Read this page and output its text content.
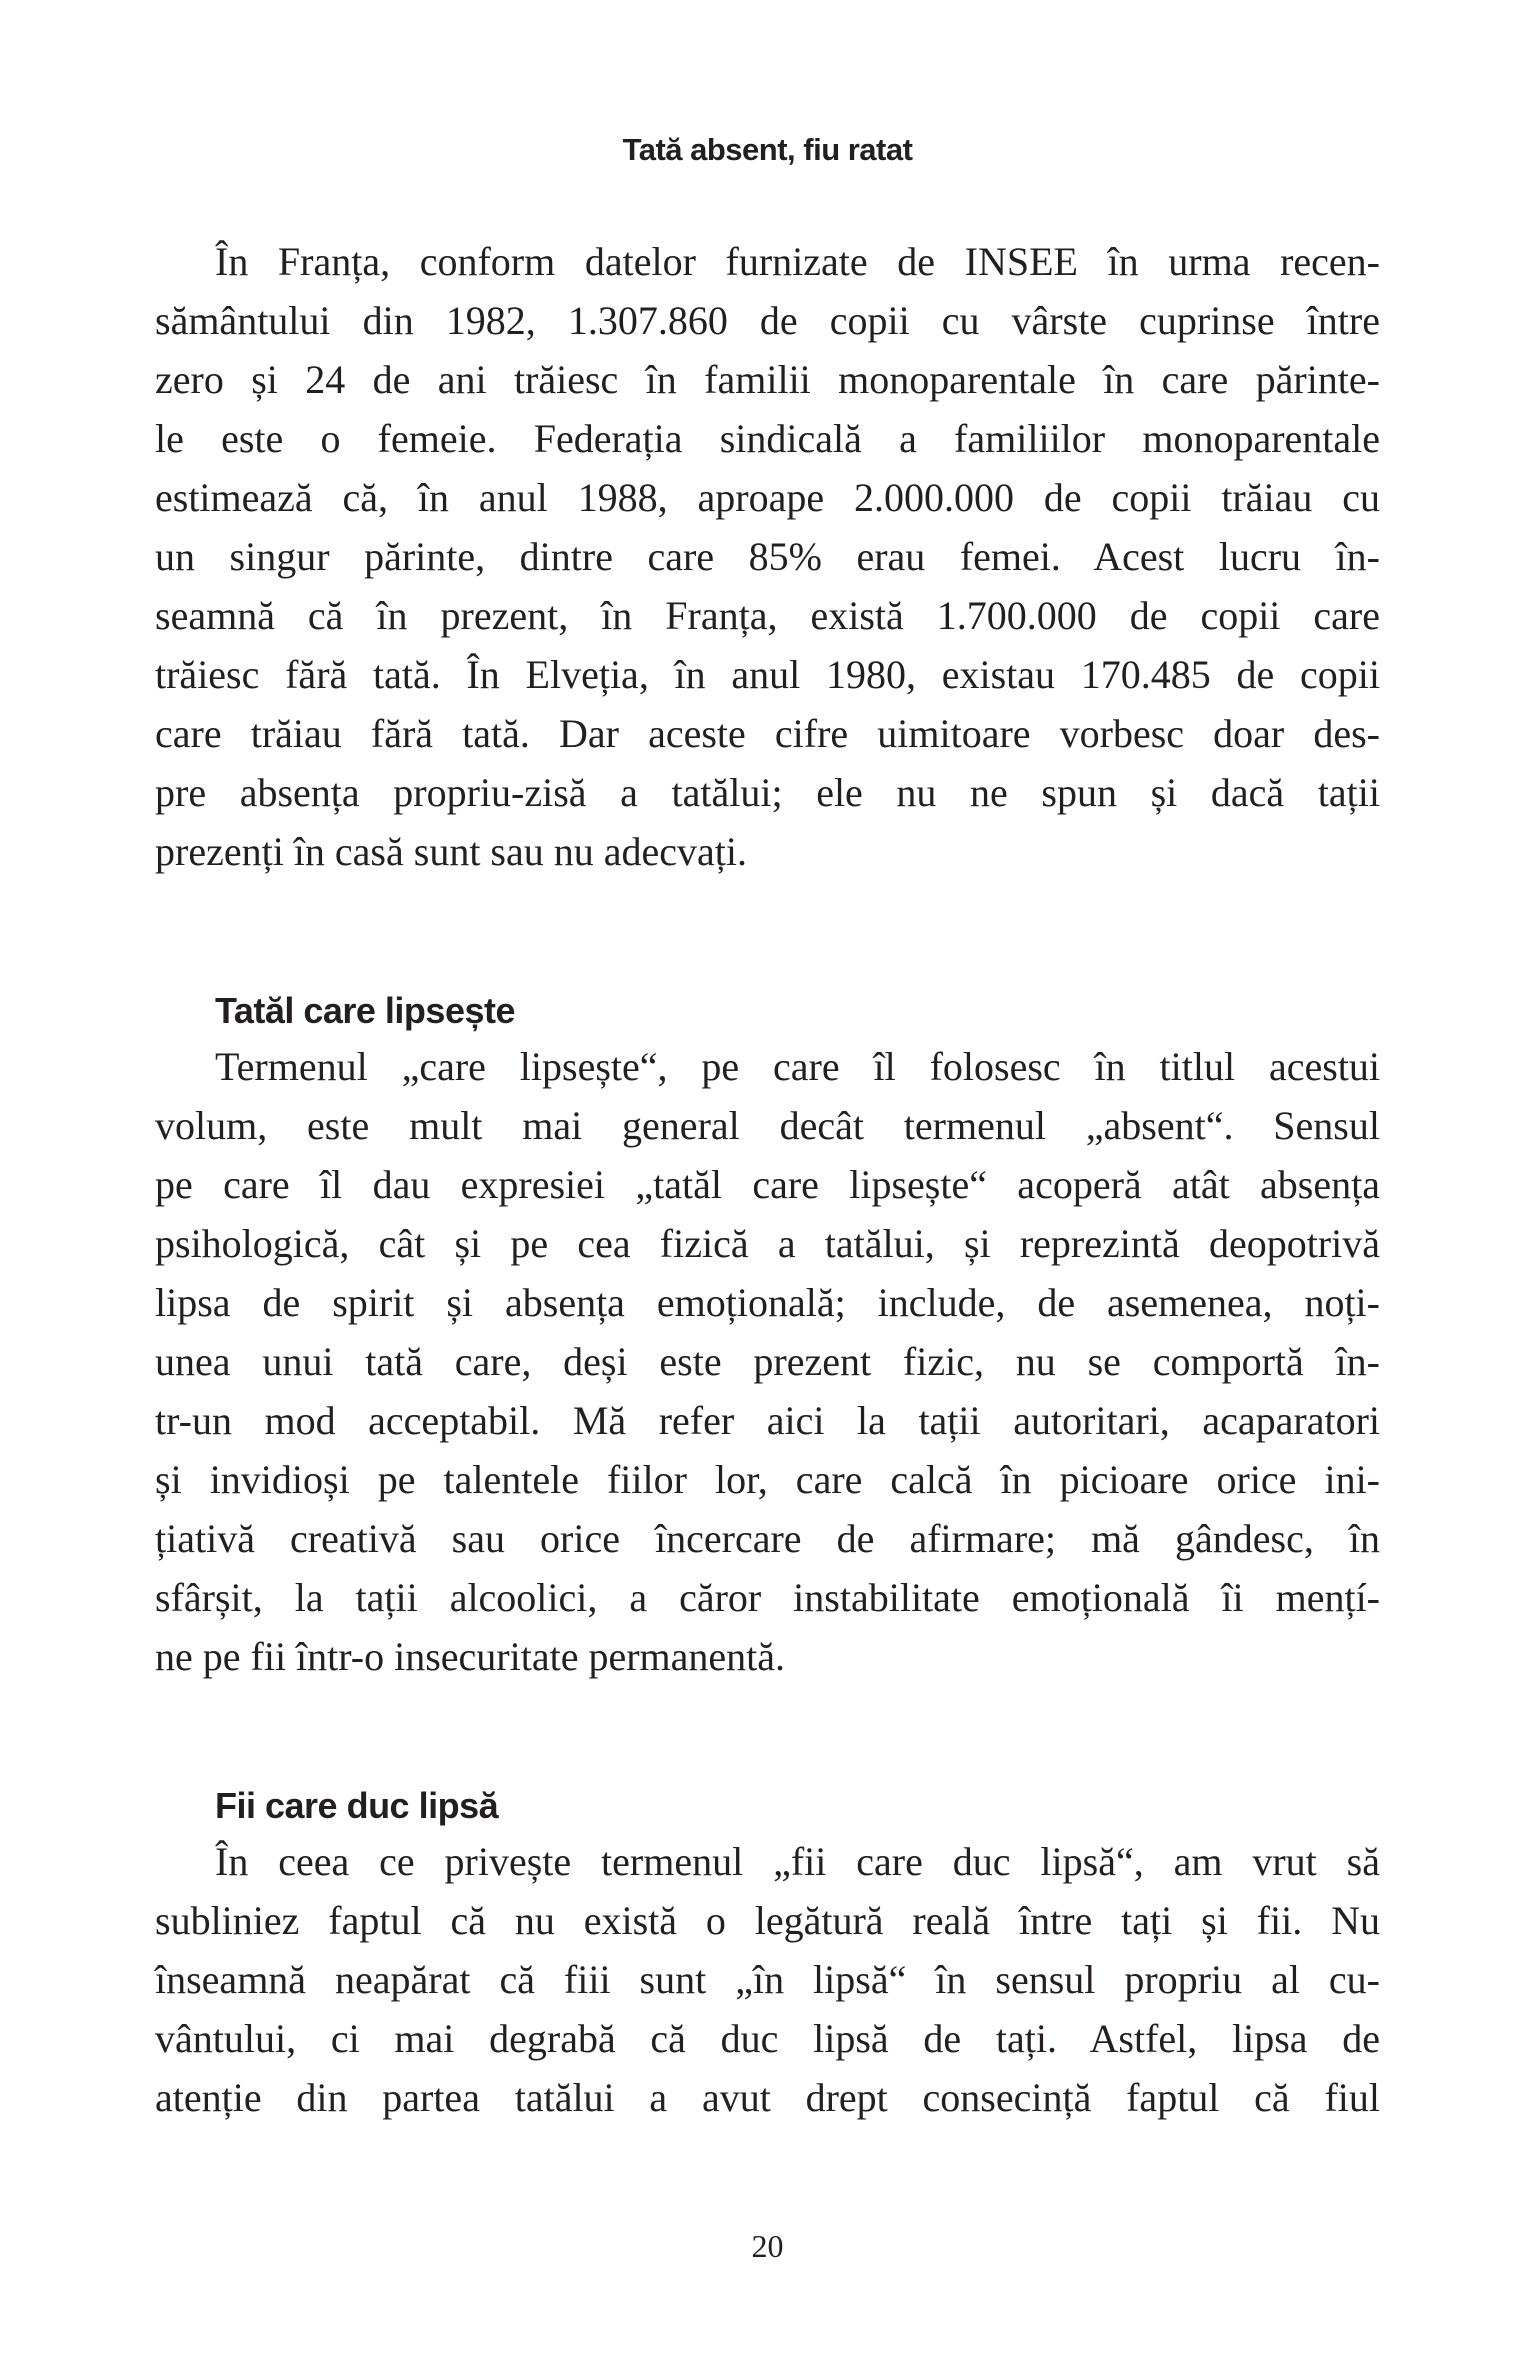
Tată absent, fiu ratat
În Franța, conform datelor furnizate de INSEE în urma recen-
sământului din 1982, 1.307.860 de copii cu vârste cuprinse între
zero și 24 de ani trăiesc în familii monoparentale în care părinte-
le este o femeie. Federația sindicală a familiilor monoparentale
estimează că, în anul 1988, aproape 2.000.000 de copii trăiau cu
un singur părinte, dintre care 85% erau femei. Acest lucru în-
seamnă că în prezent, în Franța, există 1.700.000 de copii care
trăiesc fără tată. În Elveția, în anul 1980, existau 170.485 de copii
care trăiau fără tată. Dar aceste cifre uimitoare vorbesc doar des-
pre absența propriu-zisă a tatălui; ele nu ne spun și dacă tații
prezenți în casă sunt sau nu adecvați.
Tatăl care lipsește
Termenul „care lipsește“, pe care îl folosesc în titlul acestui
volum, este mult mai general decât termenul „absent“. Sensul
pe care îl dau expresiei „tatăl care lipsește“ acoperă atât absența
psihologică, cât și pe cea fizică a tatălui, și reprezintă deopotrivă
lipsa de spirit și absența emoțională; include, de asemenea, noți-
unea unui tată care, deși este prezent fizic, nu se comportă în-
tr-un mod acceptabil. Mă refer aici la tații autoritari, acaparatori
și invidioși pe talentele fiilor lor, care calcă în picioare orice ini-
țiativă creativă sau orice încercare de afirmare; mă gândesc, în
sfârșit, la tații alcoolici, a căror instabilitate emoțională îi mențí-
ne pe fii într-o insecuritate permanentă.
Fii care duc lipsă
În ceea ce privește termenul „fii care duc lipsă“, am vrut să
subliniez faptul că nu există o legătură reală între tați și fii. Nu
înseamnă neapărat că fiii sunt „în lipsă“ în sensul propriu al cu-
vântului, ci mai degrabă că duc lipsă de tați. Astfel, lipsa de
atenție din partea tatălui a avut drept consecință faptul că fiul
20
